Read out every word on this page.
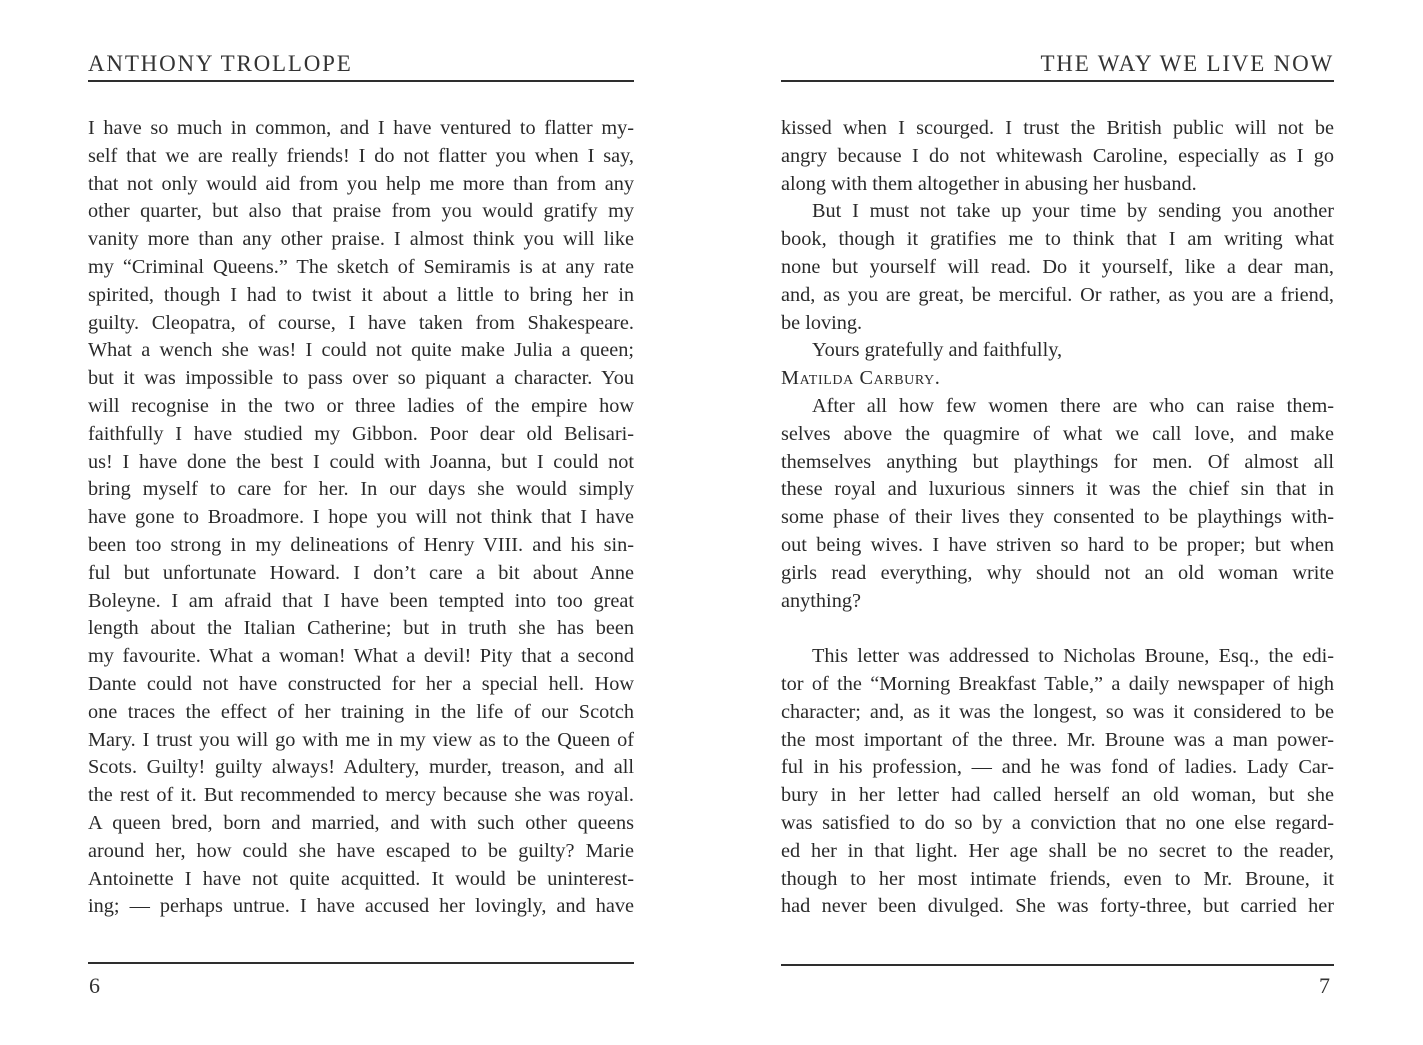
ANTHONY TROLLOPE
I have so much in common, and I have ventured to flatter my-
self that we are really friends! I do not flatter you when I say,
that not only would aid from you help me more than from any
other quarter, but also that praise from you would gratify my
vanity more than any other praise. I almost think you will like
my “Criminal Queens.” The sketch of Semiramis is at any rate
spirited, though I had to twist it about a little to bring her in
guilty. Cleopatra, of course, I have taken from Shakespeare.
What a wench she was! I could not quite make Julia a queen;
but it was impossible to pass over so piquant a character. You
will recognise in the two or three ladies of the empire how
faithfully I have studied my Gibbon. Poor dear old Belisari-
us! I have done the best I could with Joanna, but I could not
bring myself to care for her. In our days she would simply
have gone to Broadmore. I hope you will not think that I have
been too strong in my delineations of Henry VIII. and his sin-
ful but unfortunate Howard. I don’t care a bit about Anne
Boleyne. I am afraid that I have been tempted into too great
length about the Italian Catherine; but in truth she has been
my favourite. What a woman! What a devil! Pity that a second
Dante could not have constructed for her a special hell. How
one traces the effect of her training in the life of our Scotch
Mary. I trust you will go with me in my view as to the Queen of
Scots. Guilty! guilty always! Adultery, murder, treason, and all
the rest of it. But recommended to mercy because she was royal.
A queen bred, born and married, and with such other queens
around her, how could she have escaped to be guilty? Marie
Antoinette I have not quite acquitted. It would be uninterest-
ing; — perhaps untrue. I have accused her lovingly, and have
6
THE WAY WE LIVE NOW
kissed when I scourged. I trust the British public will not be
angry because I do not whitewash Caroline, especially as I go
along with them altogether in abusing her husband.
But I must not take up your time by sending you another
book, though it gratifies me to think that I am writing what
none but yourself will read. Do it yourself, like a dear man,
and, as you are great, be merciful. Or rather, as you are a friend,
be loving.
Yours gratefully and faithfully,
Matilda Carbury.
After all how few women there are who can raise them-
selves above the quagmire of what we call love, and make
themselves anything but playthings for men. Of almost all
these royal and luxurious sinners it was the chief sin that in
some phase of their lives they consented to be playthings with-
out being wives. I have striven so hard to be proper; but when
girls read everything, why should not an old woman write
anything?
This letter was addressed to Nicholas Broune, Esq., the edi-
tor of the “Morning Breakfast Table,” a daily newspaper of high
character; and, as it was the longest, so was it considered to be
the most important of the three. Mr. Broune was a man power-
ful in his profession, — and he was fond of ladies. Lady Car-
bury in her letter had called herself an old woman, but she
was satisfied to do so by a conviction that no one else regard-
ed her in that light. Her age shall be no secret to the reader,
though to her most intimate friends, even to Mr. Broune, it
had never been divulged. She was forty-three, but carried her
7
